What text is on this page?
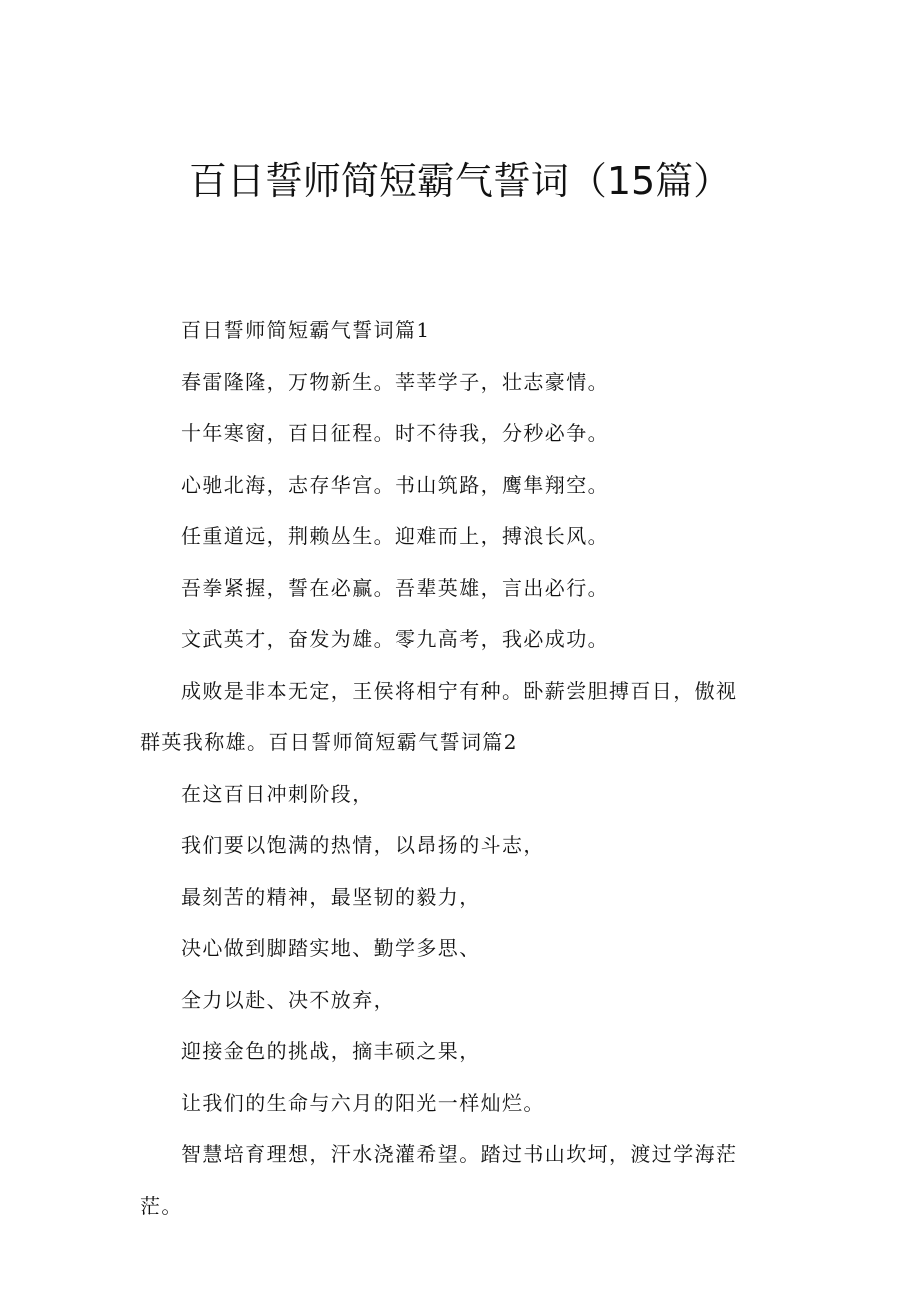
百日誓师简短霸气誓词（15篇）

百日誓师简短霸气誓词篇1

春雷隆隆，万物新生。莘莘学子，壮志豪情。

十年寒窗，百日征程。时不待我，分秒必争。

心驰北海，志存华宫。书山筑路，鹰隼翔空。

任重道远，荆赖丛生。迎难而上，搏浪长风。

吾拳紧握，誓在必赢。吾辈英雄，言出必行。

文武英才，奋发为雄。零九高考，我必成功。

成败是非本无定，王侯将相宁有种。卧薪尝胆搏百日，傲视群英我称雄。百日誓师简短霸气誓词篇2

在这百日冲刺阶段，

我们要以饱满的热情，以昂扬的斗志，

最刻苦的精神，最坚韧的毅力，

决心做到脚踏实地、勤学多思、

全力以赴、决不放弃，

迎接金色的挑战，摘丰硕之果，

让我们的生命与六月的阳光一样灿烂。

智慧培育理想，汗水浇灌希望。踏过书山坎坷，渡过学海茫茫。
